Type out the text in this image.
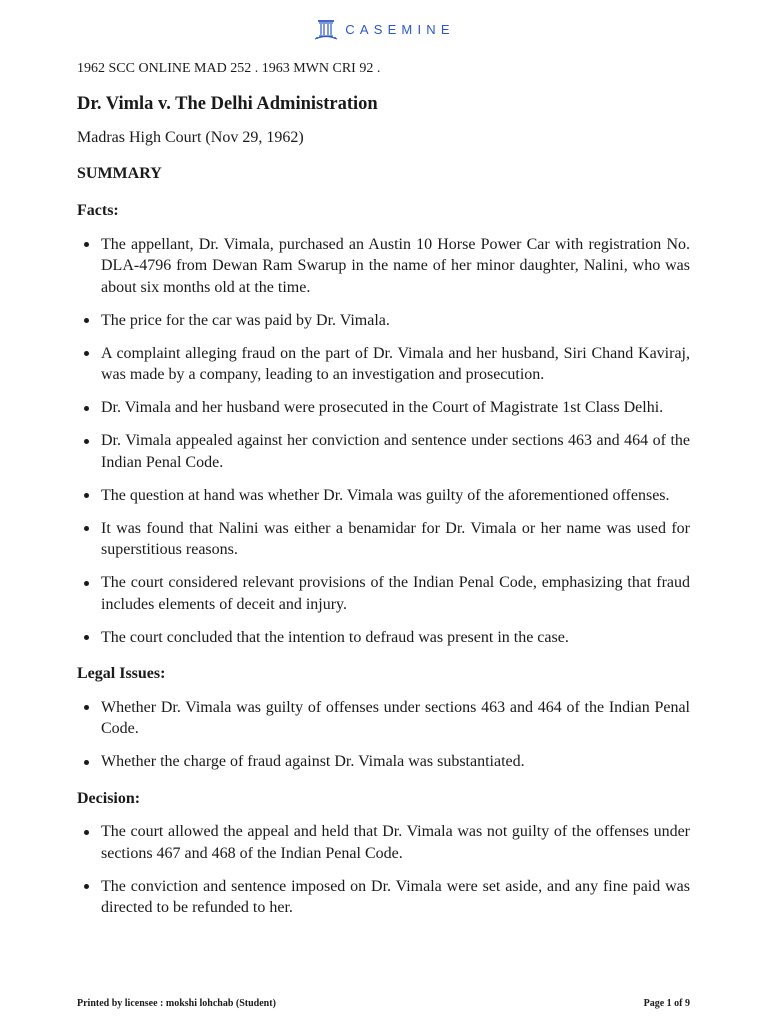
CASEMINE

1962 SCC ONLINE MAD 252 . 1963 MWN CRI 92 .

Dr. Vimla v. The Delhi Administration

Madras High Court (Nov 29, 1962)

SUMMARY

Facts:

The appellant, Dr. Vimala, purchased an Austin 10 Horse Power Car with registration No. DLA-4796 from Dewan Ram Swarup in the name of her minor daughter, Nalini, who was about six months old at the time.
The price for the car was paid by Dr. Vimala.
A complaint alleging fraud on the part of Dr. Vimala and her husband, Siri Chand Kaviraj, was made by a company, leading to an investigation and prosecution.
Dr. Vimala and her husband were prosecuted in the Court of Magistrate 1st Class Delhi.
Dr. Vimala appealed against her conviction and sentence under sections 463 and 464 of the Indian Penal Code.
The question at hand was whether Dr. Vimala was guilty of the aforementioned offenses.
It was found that Nalini was either a benamidar for Dr. Vimala or her name was used for superstitious reasons.
The court considered relevant provisions of the Indian Penal Code, emphasizing that fraud includes elements of deceit and injury.
The court concluded that the intention to defraud was present in the case.

Legal Issues:

Whether Dr. Vimala was guilty of offenses under sections 463 and 464 of the Indian Penal Code.
Whether the charge of fraud against Dr. Vimala was substantiated.

Decision:

The court allowed the appeal and held that Dr. Vimala was not guilty of the offenses under sections 467 and 468 of the Indian Penal Code.
The conviction and sentence imposed on Dr. Vimala were set aside, and any fine paid was directed to be refunded to her.
Printed by licensee : mokshi lohchab (Student)	Page 1 of 9
